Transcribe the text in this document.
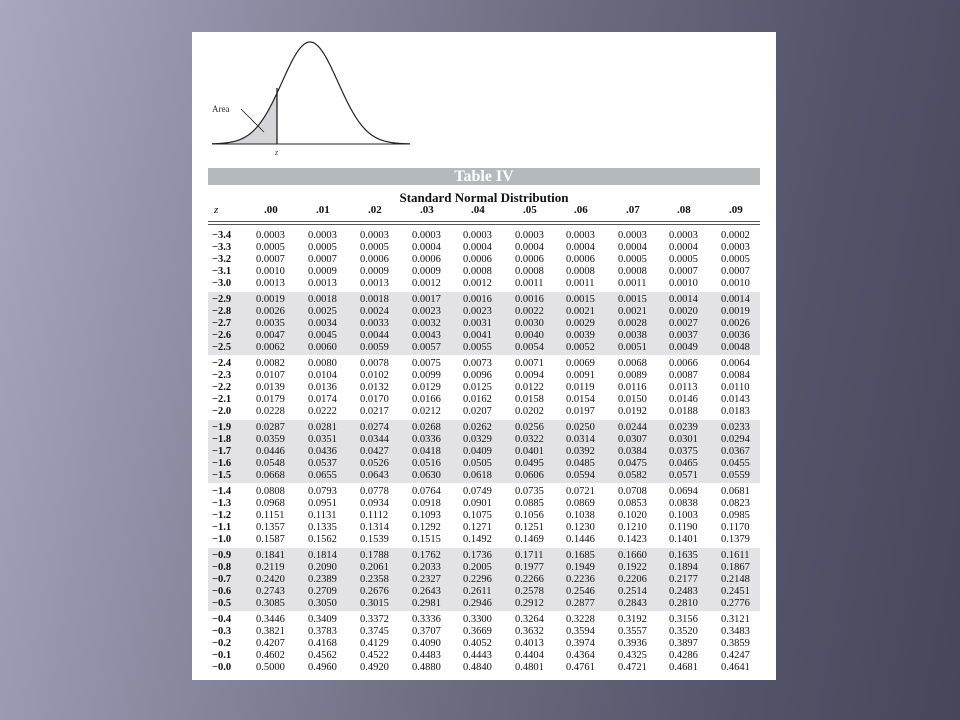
Area
z
Table IV
Standard Normal Distribution
z	.00	.01	.02	.03	.04	.05	.06	.07	.08	.09
−3.4 0.0003 0.0003 0.0003 0.0003 0.0003 0.0003 0.0003 0.0003 0.0003 0.0002
−3.3 0.0005 0.0005 0.0005 0.0004 0.0004 0.0004 0.0004 0.0004 0.0004 0.0003
−3.2 0.0007 0.0007 0.0006 0.0006 0.0006 0.0006 0.0006 0.0005 0.0005 0.0005
−3.1 0.0010 0.0009 0.0009 0.0009 0.0008 0.0008 0.0008 0.0008 0.0007 0.0007
−3.0 0.0013 0.0013 0.0013 0.0012 0.0012 0.0011 0.0011 0.0011 0.0010 0.0010
−2.9 0.0019 0.0018 0.0018 0.0017 0.0016 0.0016 0.0015 0.0015 0.0014 0.0014
−2.8 0.0026 0.0025 0.0024 0.0023 0.0023 0.0022 0.0021 0.0021 0.0020 0.0019
−2.7 0.0035 0.0034 0.0033 0.0032 0.0031 0.0030 0.0029 0.0028 0.0027 0.0026
−2.6 0.0047 0.0045 0.0044 0.0043 0.0041 0.0040 0.0039 0.0038 0.0037 0.0036
−2.5 0.0062 0.0060 0.0059 0.0057 0.0055 0.0054 0.0052 0.0051 0.0049 0.0048
−2.4 0.0082 0.0080 0.0078 0.0075 0.0073 0.0071 0.0069 0.0068 0.0066 0.0064
−2.3 0.0107 0.0104 0.0102 0.0099 0.0096 0.0094 0.0091 0.0089 0.0087 0.0084
−2.2 0.0139 0.0136 0.0132 0.0129 0.0125 0.0122 0.0119 0.0116 0.0113 0.0110
−2.1 0.0179 0.0174 0.0170 0.0166 0.0162 0.0158 0.0154 0.0150 0.0146 0.0143
−2.0 0.0228 0.0222 0.0217 0.0212 0.0207 0.0202 0.0197 0.0192 0.0188 0.0183
−1.9 0.0287 0.0281 0.0274 0.0268 0.0262 0.0256 0.0250 0.0244 0.0239 0.0233
−1.8 0.0359 0.0351 0.0344 0.0336 0.0329 0.0322 0.0314 0.0307 0.0301 0.0294
−1.7 0.0446 0.0436 0.0427 0.0418 0.0409 0.0401 0.0392 0.0384 0.0375 0.0367
−1.6 0.0548 0.0537 0.0526 0.0516 0.0505 0.0495 0.0485 0.0475 0.0465 0.0455
−1.5 0.0668 0.0655 0.0643 0.0630 0.0618 0.0606 0.0594 0.0582 0.0571 0.0559
−1.4 0.0808 0.0793 0.0778 0.0764 0.0749 0.0735 0.0721 0.0708 0.0694 0.0681
−1.3 0.0968 0.0951 0.0934 0.0918 0.0901 0.0885 0.0869 0.0853 0.0838 0.0823
−1.2 0.1151 0.1131 0.1112 0.1093 0.1075 0.1056 0.1038 0.1020 0.1003 0.0985
−1.1 0.1357 0.1335 0.1314 0.1292 0.1271 0.1251 0.1230 0.1210 0.1190 0.1170
−1.0 0.1587 0.1562 0.1539 0.1515 0.1492 0.1469 0.1446 0.1423 0.1401 0.1379
−0.9 0.1841 0.1814 0.1788 0.1762 0.1736 0.1711 0.1685 0.1660 0.1635 0.1611
−0.8 0.2119 0.2090 0.2061 0.2033 0.2005 0.1977 0.1949 0.1922 0.1894 0.1867
−0.7 0.2420 0.2389 0.2358 0.2327 0.2296 0.2266 0.2236 0.2206 0.2177 0.2148
−0.6 0.2743 0.2709 0.2676 0.2643 0.2611 0.2578 0.2546 0.2514 0.2483 0.2451
−0.5 0.3085 0.3050 0.3015 0.2981 0.2946 0.2912 0.2877 0.2843 0.2810 0.2776
−0.4 0.3446 0.3409 0.3372 0.3336 0.3300 0.3264 0.3228 0.3192 0.3156 0.3121
−0.3 0.3821 0.3783 0.3745 0.3707 0.3669 0.3632 0.3594 0.3557 0.3520 0.3483
−0.2 0.4207 0.4168 0.4129 0.4090 0.4052 0.4013 0.3974 0.3936 0.3897 0.3859
−0.1 0.4602 0.4562 0.4522 0.4483 0.4443 0.4404 0.4364 0.4325 0.4286 0.4247
−0.0 0.5000 0.4960 0.4920 0.4880 0.4840 0.4801 0.4761 0.4721 0.4681 0.4641
